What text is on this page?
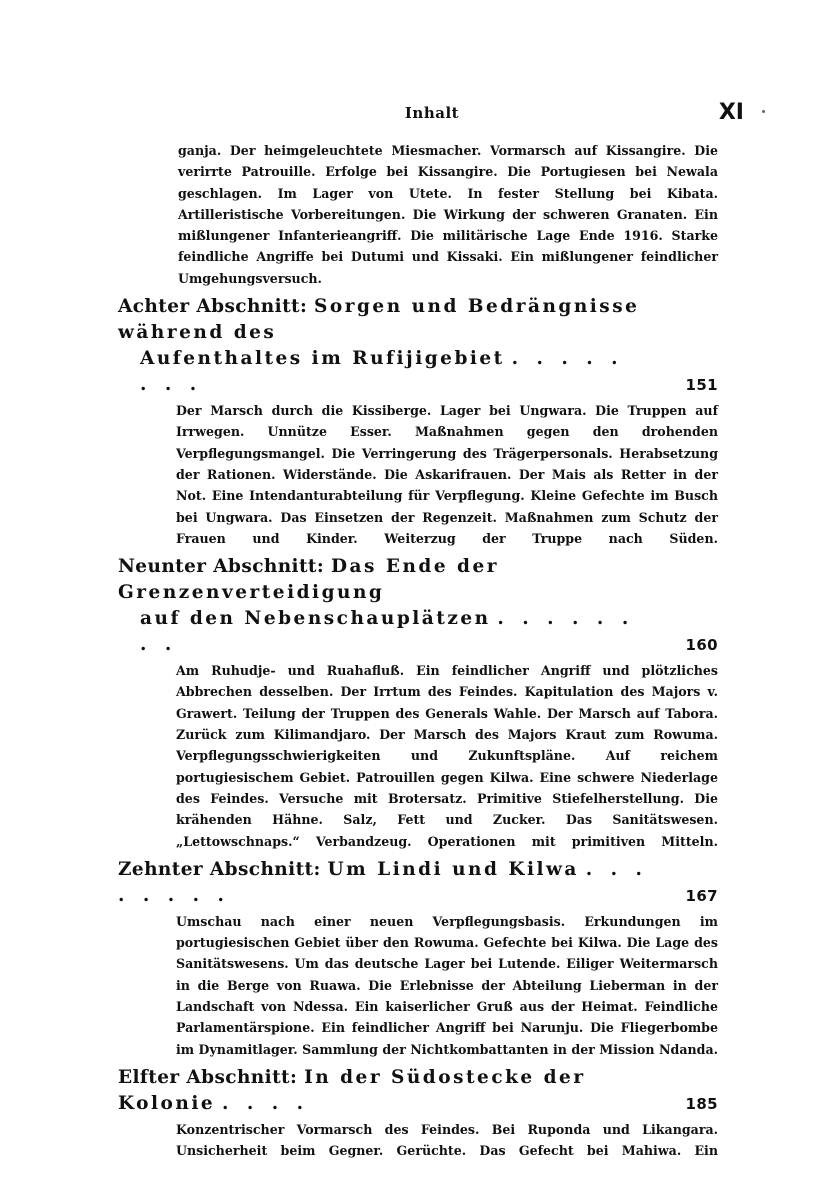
Inhalt	XI
ganja. Der heimgeleuchtete Miesmacher. Vormarsch auf Kissangire. Die verirrte Patrouille. Erfolge bei Kissangire. Die Portugiesen bei Newala geschlagen. Im Lager von Utete. In fester Stellung bei Kibata. Artilleristische Vorbereitungen. Die Wirkung der schweren Granaten. Ein mißlungener Infanterieangriff. Die militärische Lage Ende 1916. Starke feindliche Angriffe bei Dutumi und Kissaki. Ein mißlungener feindlicher Umgehungsversuch.
Achter Abschnitt: Sorgen und Bedrängnisse während des
Aufenthaltes im Rufijigebiet . . . . . . . .	151
Der Marsch durch die Kissiberge. Lager bei Ungwara. Die Truppen auf Irrwegen. Unnütze Esser. Maßnahmen gegen den drohenden Verpflegungsmangel. Die Verringerung des Trägerpersonals. Herabsetzung der Rationen. Widerstände. Die Askarifrauen. Der Mais als Retter in der Not. Eine Intendanturabteilung für Verpflegung. Kleine Gefechte im Busch bei Ungwara. Das Einsetzen der Regenzeit. Maßnahmen zum Schutz der Frauen und Kinder. Weiterzug der Truppe nach Süden.
Neunter Abschnitt: Das Ende der Grenzenverteidigung
auf den Nebenschauplätzen . . . . . . . .	160
Am Ruhudje- und Ruahafluß. Ein feindlicher Angriff und plötzliches Abbrechen desselben. Der Irrtum des Feindes. Kapitulation des Majors v. Grawert. Teilung der Truppen des Generals Wahle. Der Marsch auf Tabora. Zurück zum Kilimandjaro. Der Marsch des Majors Kraut zum Rowuma. Verpflegungsschwierigkeiten und Zukunftspläne. Auf reichem portugiesischem Gebiet. Patrouillen gegen Kilwa. Eine schwere Niederlage des Feindes. Versuche mit Brotersatz. Primitive Stiefelherstellung. Die krähenden Hähne. Salz, Fett und Zucker. Das Sanitätswesen. „Lettowschnaps.“ Verbandzeug. Operationen mit primitiven Mitteln.
Zehnter Abschnitt: Um Lindi und Kilwa . . . . . . . .	167
Umschau nach einer neuen Verpflegungsbasis. Erkundungen im portugiesischen Gebiet über den Rowuma. Gefechte bei Kilwa. Die Lage des Sanitätswesens. Um das deutsche Lager bei Lutende. Eiliger Weitermarsch in die Berge von Ruawa. Die Erlebnisse der Abteilung Lieberman in der Landschaft von Ndessa. Ein kaiserlicher Gruß aus der Heimat. Feindliche Parlamentärspione. Ein feindlicher Angriff bei Narunju. Die Fliegerbombe im Dynamitlager. Sammlung der Nichtkombattanten in der Mission Ndanda.
Elfter Abschnitt: In der Südostecke der Kolonie . . . .	185
Konzentrischer Vormarsch des Feindes. Bei Ruponda und Likangara. Unsicherheit beim Gegner. Gerüchte. Das Gefecht bei Mahiwa. Ein
